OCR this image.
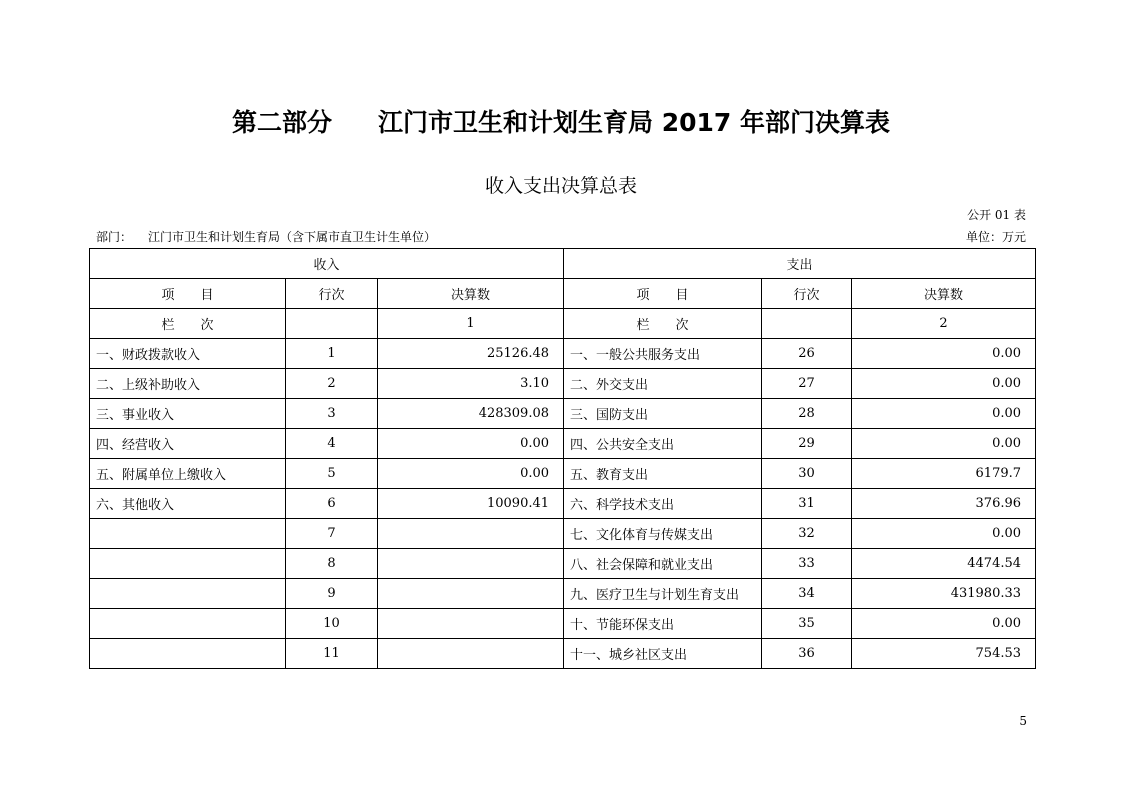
第二部分 江门市卫生和计划生育局 2017 年部门决算表
收入支出决算总表
公开 01 表
部门： 江门市卫生和计划生育局（含下属市直卫生计生单位）	单位：万元
收入			支出		
项　　目	行次	决算数	项　　目	行次	决算数
栏　　次		1	栏　　次		2
一、财政拨款收入	1	25126.48	一、一般公共服务支出	26	0.00
二、上级补助收入	2	3.10	二、外交支出	27	0.00
三、事业收入	3	428309.08	三、国防支出	28	0.00
四、经营收入	4	0.00	四、公共安全支出	29	0.00
五、附属单位上缴收入	5	0.00	五、教育支出	30	6179.7
六、其他收入	6	10090.41	六、科学技术支出	31	376.96
	7		七、文化体育与传媒支出	32	0.00
	8		八、社会保障和就业支出	33	4474.54
	9		九、医疗卫生与计划生育支出	34	431980.33
	10		十、节能环保支出	35	0.00
	11		十一、城乡社区支出	36	754.53
5
